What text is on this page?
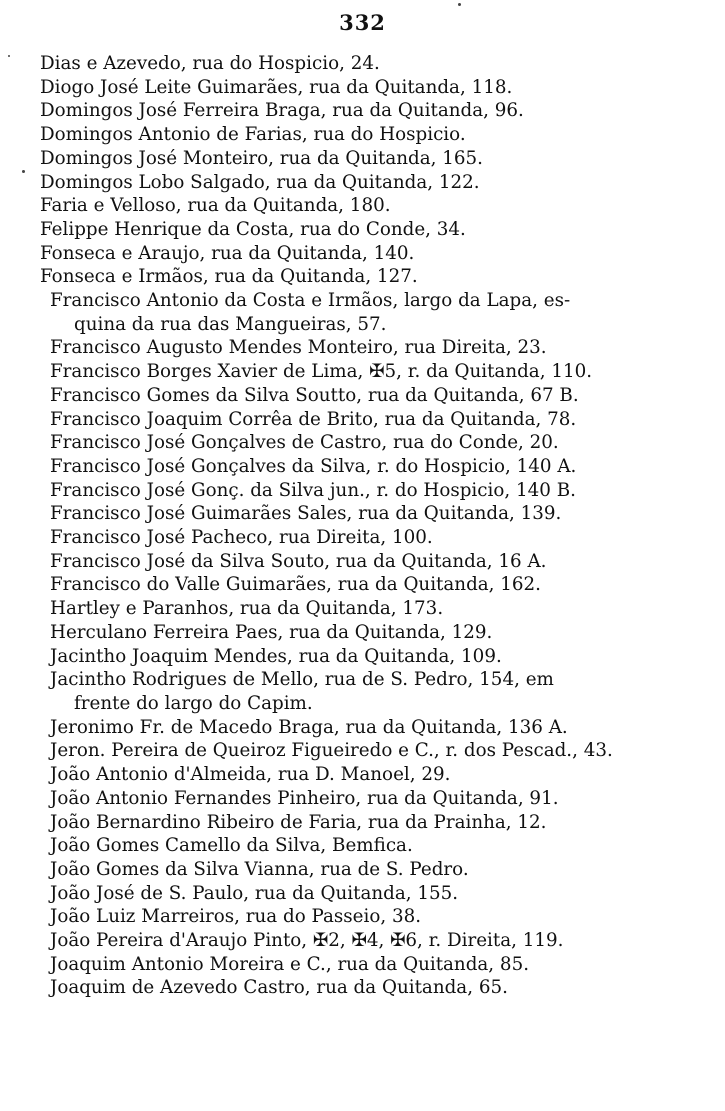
332
Dias e Azevedo, rua do Hospicio, 24.
Diogo José Leite Guimarães, rua da Quitanda, 118.
Domingos José Ferreira Braga, rua da Quitanda, 96.
Domingos Antonio de Farias, rua do Hospicio.
Domingos José Monteiro, rua da Quitanda, 165.
Domingos Lobo Salgado, rua da Quitanda, 122.
Faria e Velloso, rua da Quitanda, 180.
Felippe Henrique da Costa, rua do Conde, 34.
Fonseca e Araujo, rua da Quitanda, 140.
Fonseca e Irmãos, rua da Quitanda, 127.
Francisco Antonio da Costa e Irmãos, largo da Lapa, es-
quina da rua das Mangueiras, 57.
Francisco Augusto Mendes Monteiro, rua Direita, 23.
Francisco Borges Xavier de Lima, ✠5, r. da Quitanda, 110.
Francisco Gomes da Silva Soutto, rua da Quitanda, 67 B.
Francisco Joaquim Corrêa de Brito, rua da Quitanda, 78.
Francisco José Gonçalves de Castro, rua do Conde, 20.
Francisco José Gonçalves da Silva, r. do Hospicio, 140 A.
Francisco José Gonç. da Silva jun., r. do Hospicio, 140 B.
Francisco José Guimarães Sales, rua da Quitanda, 139.
Francisco José Pacheco, rua Direita, 100.
Francisco José da Silva Souto, rua da Quitanda, 16 A.
Francisco do Valle Guimarães, rua da Quitanda, 162.
Hartley e Paranhos, rua da Quitanda, 173.
Herculano Ferreira Paes, rua da Quitanda, 129.
Jacintho Joaquim Mendes, rua da Quitanda, 109.
Jacintho Rodrigues de Mello, rua de S. Pedro, 154, em
frente do largo do Capim.
Jeronimo Fr. de Macedo Braga, rua da Quitanda, 136 A.
Jeron. Pereira de Queiroz Figueiredo e C., r. dos Pescad., 43.
João Antonio d'Almeida, rua D. Manoel, 29.
João Antonio Fernandes Pinheiro, rua da Quitanda, 91.
João Bernardino Ribeiro de Faria, rua da Prainha, 12.
João Gomes Camello da Silva, Bemfica.
João Gomes da Silva Vianna, rua de S. Pedro.
João José de S. Paulo, rua da Quitanda, 155.
João Luiz Marreiros, rua do Passeio, 38.
João Pereira d'Araujo Pinto, ✠2, ✠4, ✠6, r. Direita, 119.
Joaquim Antonio Moreira e C., rua da Quitanda, 85.
Joaquim de Azevedo Castro, rua da Quitanda, 65.
